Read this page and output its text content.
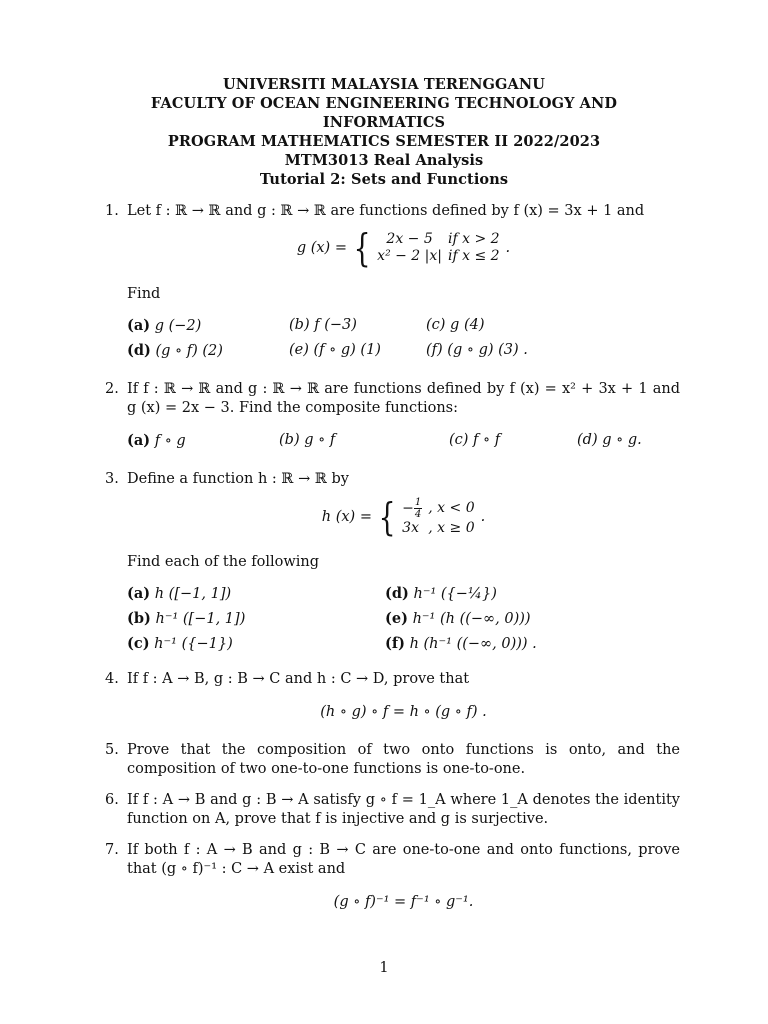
UNIVERSITI MALAYSIA TERENGGANU
FACULTY OF OCEAN ENGINEERING TECHNOLOGY AND
INFORMATICS
PROGRAM MATHEMATICS SEMESTER II 2022/2023
MTM3013 Real Analysis
Tutorial 2: Sets and Functions
1. Let f : ℝ → ℝ and g : ℝ → ℝ are functions defined by f (x) = 3x + 1 and
g (x) = { 2x − 5	if x > 2
x² − 2 |x|	if x ≤ 2 .
Find
(a) g (−2)	(b) f (−3)	(c) g (4)
(d) (g ∘ f) (2)	(e) (f ∘ g) (1)	(f) (g ∘ g) (3) .
2. If f : ℝ → ℝ and g : ℝ → ℝ are functions defined by f (x) = x² + 3x + 1 and g (x) = 2x − 3. Find the composite functions:
(a) f ∘ g	(b) g ∘ f	(c) f ∘ f	(d) g ∘ g.
3. Define a function h : ℝ → ℝ by
h (x) = { − $\frac{1}{4}$	, x < 0
3x	, x ≥ 0.
Find each of the following
(a) h ([−1, 1])	(d) h⁻¹ ({−¼})
(b) h⁻¹ ([−1, 1])	(e) h⁻¹ (h ((−∞, 0)))
(c) h⁻¹ ({−1})	(f) h (h⁻¹ ((−∞, 0))) .
4. If f : A → B, g : B → C and h : C → D, prove that
(h ∘ g) ∘ f = h ∘ (g ∘ f) .
5. Prove that the composition of two onto functions is onto, and the composition of two one-to-one functions is one-to-one.
6. If f : A → B and g : B → A satisfy g ∘ f = 1_A where 1_A denotes the identity function on A, prove that f is injective and g is surjective.
7. If both f : A → B and g : B → C are one-to-one and onto functions, prove that (g ∘ f)⁻¹ : C → A exist and
(g ∘ f)⁻¹ = f⁻¹ ∘ g⁻¹.
1
